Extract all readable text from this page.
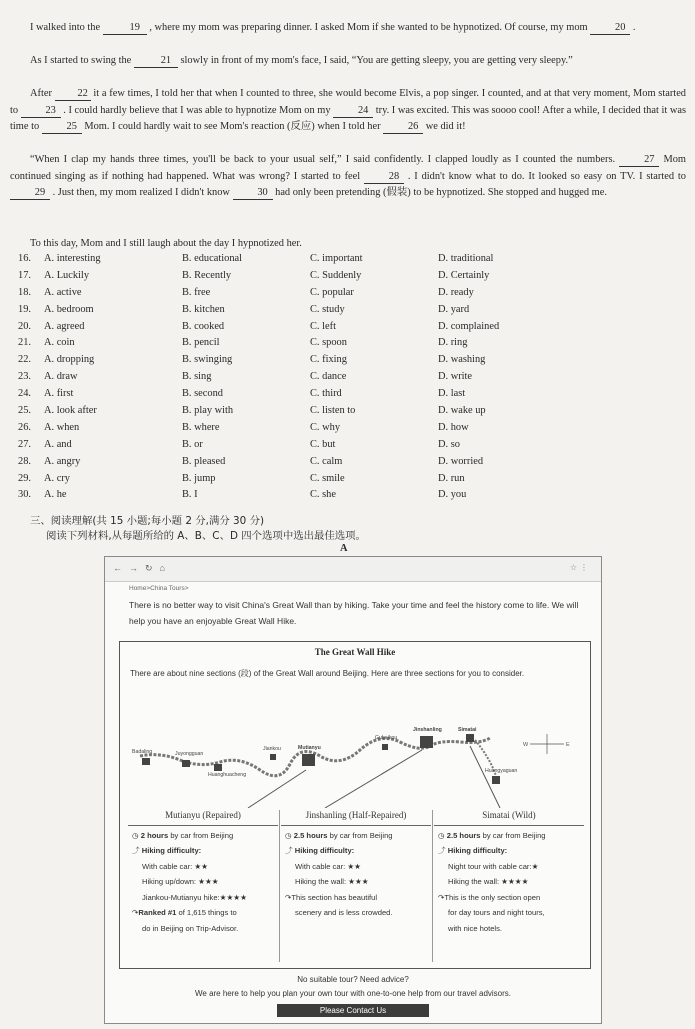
I walked into the	19 , where my mom was preparing dinner. I asked Mom if she wanted to be hypnotized. Of course, my mom 20 .
As I started to swing the	21 slowly in front of my mom's face, I said, “You are getting sleepy, you are getting very sleepy.”
After 22 it a few times, I told her that when I counted to three, she would become Elvis, a pop singer. I counted, and at that very moment, Mom started to 23 . I could hardly believe that I was able to hypnotize Mom on my 24 try. I was excited. This was soooo cool! After a while, I decided that it was time to 25 Mom. I could hardly wait to see Mom's reaction (反应) when I told her 26 we did it!
“When I clap my hands three times, you'll be back to your usual self,” I said confidently. I clapped loudly as I counted the numbers. 27 Mom continued singing as if nothing had happened. What was wrong? I started to feel 28 . I didn't know what to do. It looked so easy on TV. I started to 29 . Just then, my mom realized I didn't know 30 had only been pretending (假装) to be hypnotized. She stopped and hugged me.
To this day, Mom and I still laugh about the day I hypnotized her.
16. A. interesting	B. educational	C. important	D. traditional
17. A. Luckily	B. Recently	C. Suddenly	D. Certainly
18. A. active	B. free	C. popular	D. ready
19. A. bedroom	B. kitchen	C. study	D. yard
20. A. agreed	B. cooked	C. left	D. complained
21. A. coin	B. pencil	C. spoon	D. ring
22. A. dropping	B. swinging	C. fixing	D. washing
23. A. draw	B. sing	C. dance	D. write
24. A. first	B. second	C. third	D. last
25. A. look after	B. play with	C. listen to	D. wake up
26. A. when	B. where	C. why	D. how
27. A. and	B. or	C. but	D. so
28. A. angry	B. pleased	C. calm	D. worried
29. A. cry	B. jump	C. smile	D. run
30. A. he	B. I	C. she	D. you
三、阅读理解(共 15 小题;每小题 2 分,满分 30 分)
阅读下列材料,从每题所给的 A、B、C、D 四个选项中选出最佳选项。
A
← → ↻ ⌂	☆⋮
Home>China Tours>
There is no better way to visit China's Great Wall than by hiking. Take your time and feel the history come to life. We will help you have an enjoyable Great Wall Hike.
The Great Wall Hike
There are about nine sections (段) of the Great Wall around Beijing. Here are three sections for you to consider.
Badaling	Juyongguan
Huanghuacheng
Jiankou	Mutianyu
Gubeikou
Jinshanling	Simatai
Huangyaguan
W	E
Mutianyu (Repaired)
◷ 2 hours by car from Beijing
⤴ Hiking difficulty:
With cable car: ★★
Hiking up/down: ★★★
Jiankou-Mutianyu hike:★★★★
↷Ranked #1 of 1,615 things to
do in Beijing on Trip-Advisor.
Jinshanling (Half-Repaired)
◷ 2.5 hours by car from Beijing
⤴ Hiking difficulty:
With cable car: ★★
Hiking the wall: ★★★
↷This section has beautiful
scenery and is less crowded.
Simatai (Wild)
◷ 2.5 hours by car from Beijing
⤴ Hiking difficulty:
Night tour with cable car:★
Hiking the wall: ★★★★
↷This is the only section open
for day tours and night tours,
with nice hotels.
No suitable tour? Need advice?
We are here to help you plan your own tour with one-to-one help from our travel advisors.
Please Contact Us
